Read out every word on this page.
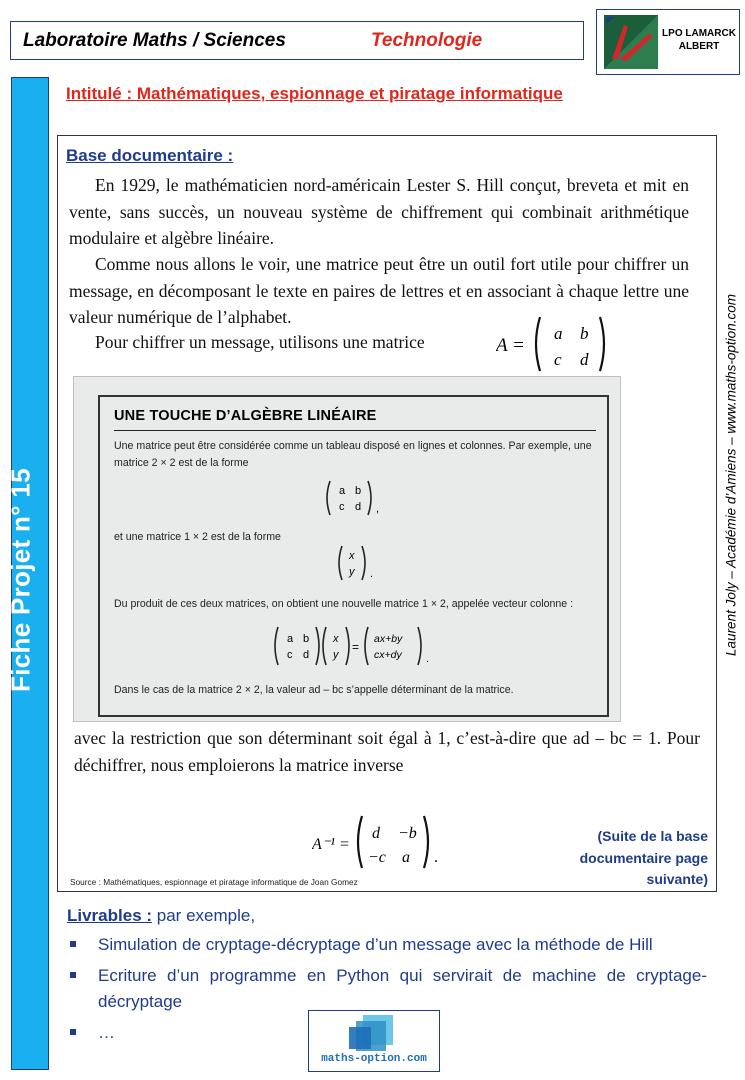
Laboratoire Maths / Sciences	Technologie	LPO LAMARCK
ALBERT
Fiche Projet n° 15	Laurent Joly – Académie d’Amiens – www.maths-option.com
Intitulé : Mathématiques, espionnage et piratage informatique
Base documentaire :
En 1929, le mathématicien nord-américain Lester S. Hill conçut, breveta et mit en vente, sans succès, un nouveau système de chiffrement qui combinait arithmétique modulaire et algèbre linéaire.
Comme nous allons le voir, une matrice peut être un outil fort utile pour chiffrer un message, en décomposant le texte en paires de lettres et en associant à chaque lettre une valeur numérique de l’alphabet.
Pour chiffrer un message, utilisons une matrice	A =
a b
c d
UNE TOUCHE D’ALGÈBRE LINÉAIRE
Une matrice peut être considérée comme un tableau disposé en lignes et colonnes. Par exemple, une matrice 2 × 2 est de la forme
a b
c d ,
et une matrice 1 × 2 est de la forme
x
y .
Du produit de ces deux matrices, on obtient une nouvelle matrice 1 × 2, appelée vecteur colonne :
a b
c d
x
y
=
ax+by
cx+dy .
Dans le cas de la matrice 2 × 2, la valeur ad – bc s’appelle déterminant de la matrice.
avec la restriction que son déterminant soit égal à 1, c’est-à-dire que ad – bc = 1. Pour déchiffrer, nous emploierons la matrice inverse
A⁻¹ =
d −b
−c a .
(Suite de la base documentaire page suivante)
Source : Mathématiques, espionnage et piratage informatique de Joan Gomez
Livrables : par exemple,
Simulation de cryptage-décryptage d’un message avec la méthode de Hill
Ecriture d’un programme en Python qui servirait de machine de cryptage-décryptage
…
maths-option.com
